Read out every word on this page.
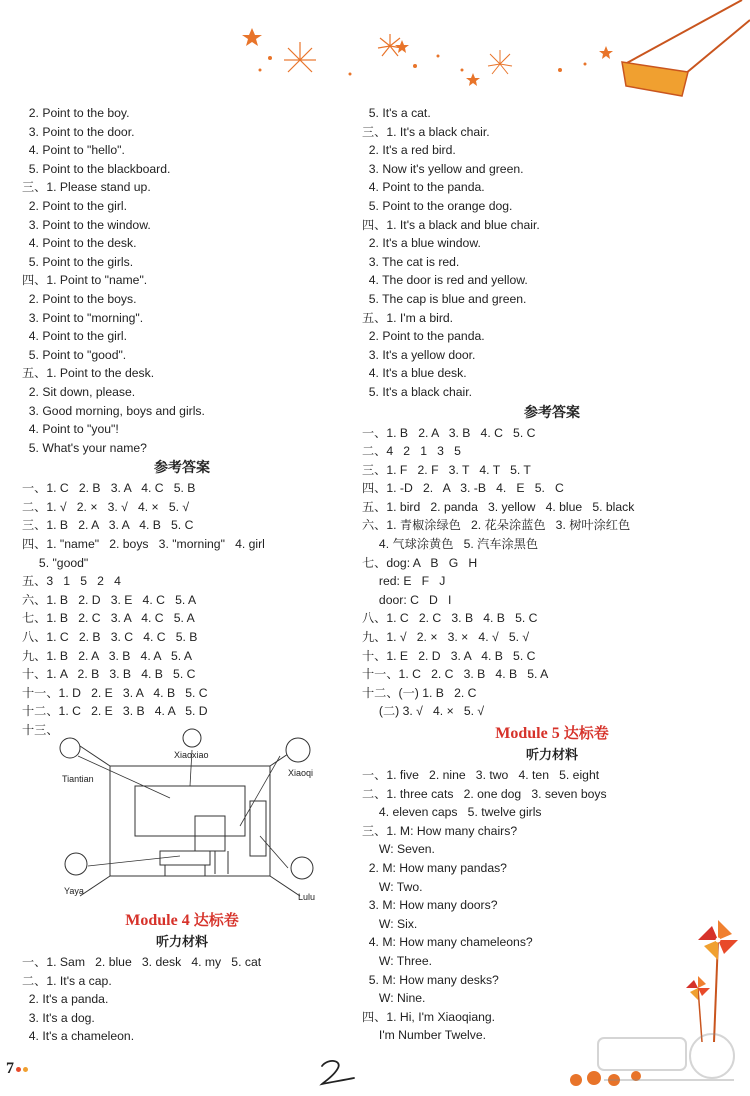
2. Point to the boy.
3. Point to the door.
4. Point to "hello".
5. Point to the blackboard.
三、1. Please stand up.
2. Point to the girl.
3. Point to the window.
4. Point to the desk.
5. Point to the girls.
四、1. Point to "name".
2. Point to the boys.
3. Point to "morning".
4. Point to the girl.
5. Point to "good".
五、1. Point to the desk.
2. Sit down, please.
3. Good morning, boys and girls.
4. Point to "you"!
5. What's your name?
参考答案
一、1. C   2. B   3. A   4. C   5. B
二、1. √   2. ×   3. √   4. ×   5. √
三、1. B   2. A   3. A   4. B   5. C
四、1. "name"   2. boys   3. "morning"   4. girl
5. "good"
五、3   1   5   2   4
六、1. B   2. D   3. E   4. C   5. A
七、1. B   2. C   3. A   4. C   5. A
八、1. C   2. B   3. C   4. C   5. B
九、1. B   2. A   3. B   4. A   5. A
十、1. A   2. B   3. B   4. B   5. C
十一、1. D   2. E   3. A   4. B   5. C
十二、1. C   2. E   3. B   4. A   5. D
十三、
Tiantian
Xiaoxiao
Xiaoqi
Yaya
Lulu
Module 4 达标卷
听力材料
一、1. Sam   2. blue   3. desk   4. my   5. cat
二、1. It's a cap.
2. It's a panda.
3. It's a dog.
4. It's a chameleon.
5. It's a cat.
三、1. It's a black chair.
2. It's a red bird.
3. Now it's yellow and green.
4. Point to the panda.
5. Point to the orange dog.
四、1. It's a black and blue chair.
2. It's a blue window.
3. The cat is red.
4. The door is red and yellow.
5. The cap is blue and green.
五、1. I'm a bird.
2. Point to the panda.
3. It's a yellow door.
4. It's a blue desk.
5. It's a black chair.
参考答案
一、1. B   2. A   3. B   4. C   5. C
二、4   2   1   3   5
三、1. F   2. F   3. T   4. T   5. T
四、1. -D   2.   A   3. -B   4.   E   5.   C
五、1. bird   2. panda   3. yellow   4. blue   5. black
六、1. 青椒涂绿色   2. 花朵涂蓝色   3. 树叶涂红色
4. 气球涂黄色   5. 汽车涂黑色
七、dog: A   B   G   H
red: E   F   J
door: C   D   I
八、1. C   2. C   3. B   4. B   5. C
九、1. √   2. ×   3. ×   4. √   5. √
十、1. E   2. D   3. A   4. B   5. C
十一、1. C   2. C   3. B   4. B   5. A
十二、(一) 1. B   2. C
(二) 3. √   4. ×   5. √
Module 5 达标卷
听力材料
一、1. five   2. nine   3. two   4. ten   5. eight
二、1. three cats   2. one dog   3. seven boys
4. eleven caps   5. twelve girls
三、1. M: How many chairs?
W: Seven.
2. M: How many pandas?
W: Two.
3. M: How many doors?
W: Six.
4. M: How many chameleons?
W: Three.
5. M: How many desks?
W: Nine.
四、1. Hi, I'm Xiaoqiang.
I'm Number Twelve.
7
